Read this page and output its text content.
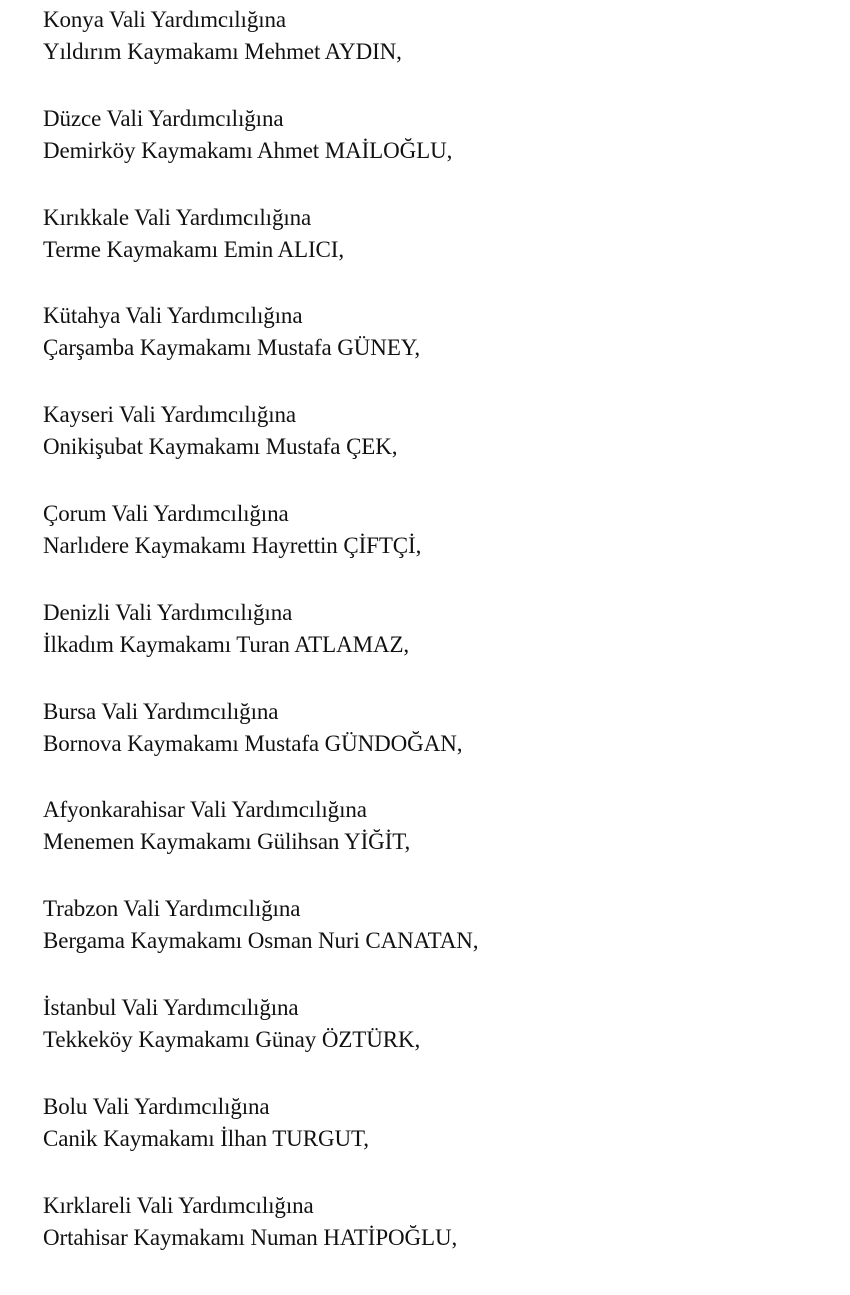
Konya Vali Yardımcılığına
Yıldırım Kaymakamı Mehmet AYDIN,
Düzce Vali Yardımcılığına
Demirköy Kaymakamı Ahmet MAİLOĞLU,
Kırıkkale Vali Yardımcılığına
Terme Kaymakamı Emin ALICI,
Kütahya Vali Yardımcılığına
Çarşamba Kaymakamı Mustafa GÜNEY,
Kayseri Vali Yardımcılığına
Onikişubat Kaymakamı Mustafa ÇEK,
Çorum Vali Yardımcılığına
Narlıdere Kaymakamı Hayrettin ÇİFTÇİ,
Denizli Vali Yardımcılığına
İlkadım Kaymakamı Turan ATLAMAZ,
Bursa Vali Yardımcılığına
Bornova Kaymakamı Mustafa GÜNDOĞAN,
Afyonkarahisar Vali Yardımcılığına
Menemen Kaymakamı Gülihsan YİĞİT,
Trabzon Vali Yardımcılığına
Bergama Kaymakamı Osman Nuri CANATAN,
İstanbul Vali Yardımcılığına
Tekkeköy Kaymakamı Günay ÖZTÜRK,
Bolu Vali Yardımcılığına
Canik Kaymakamı İlhan TURGUT,
Kırklareli Vali Yardımcılığına
Ortahisar Kaymakamı Numan HATİPOĞLU,
